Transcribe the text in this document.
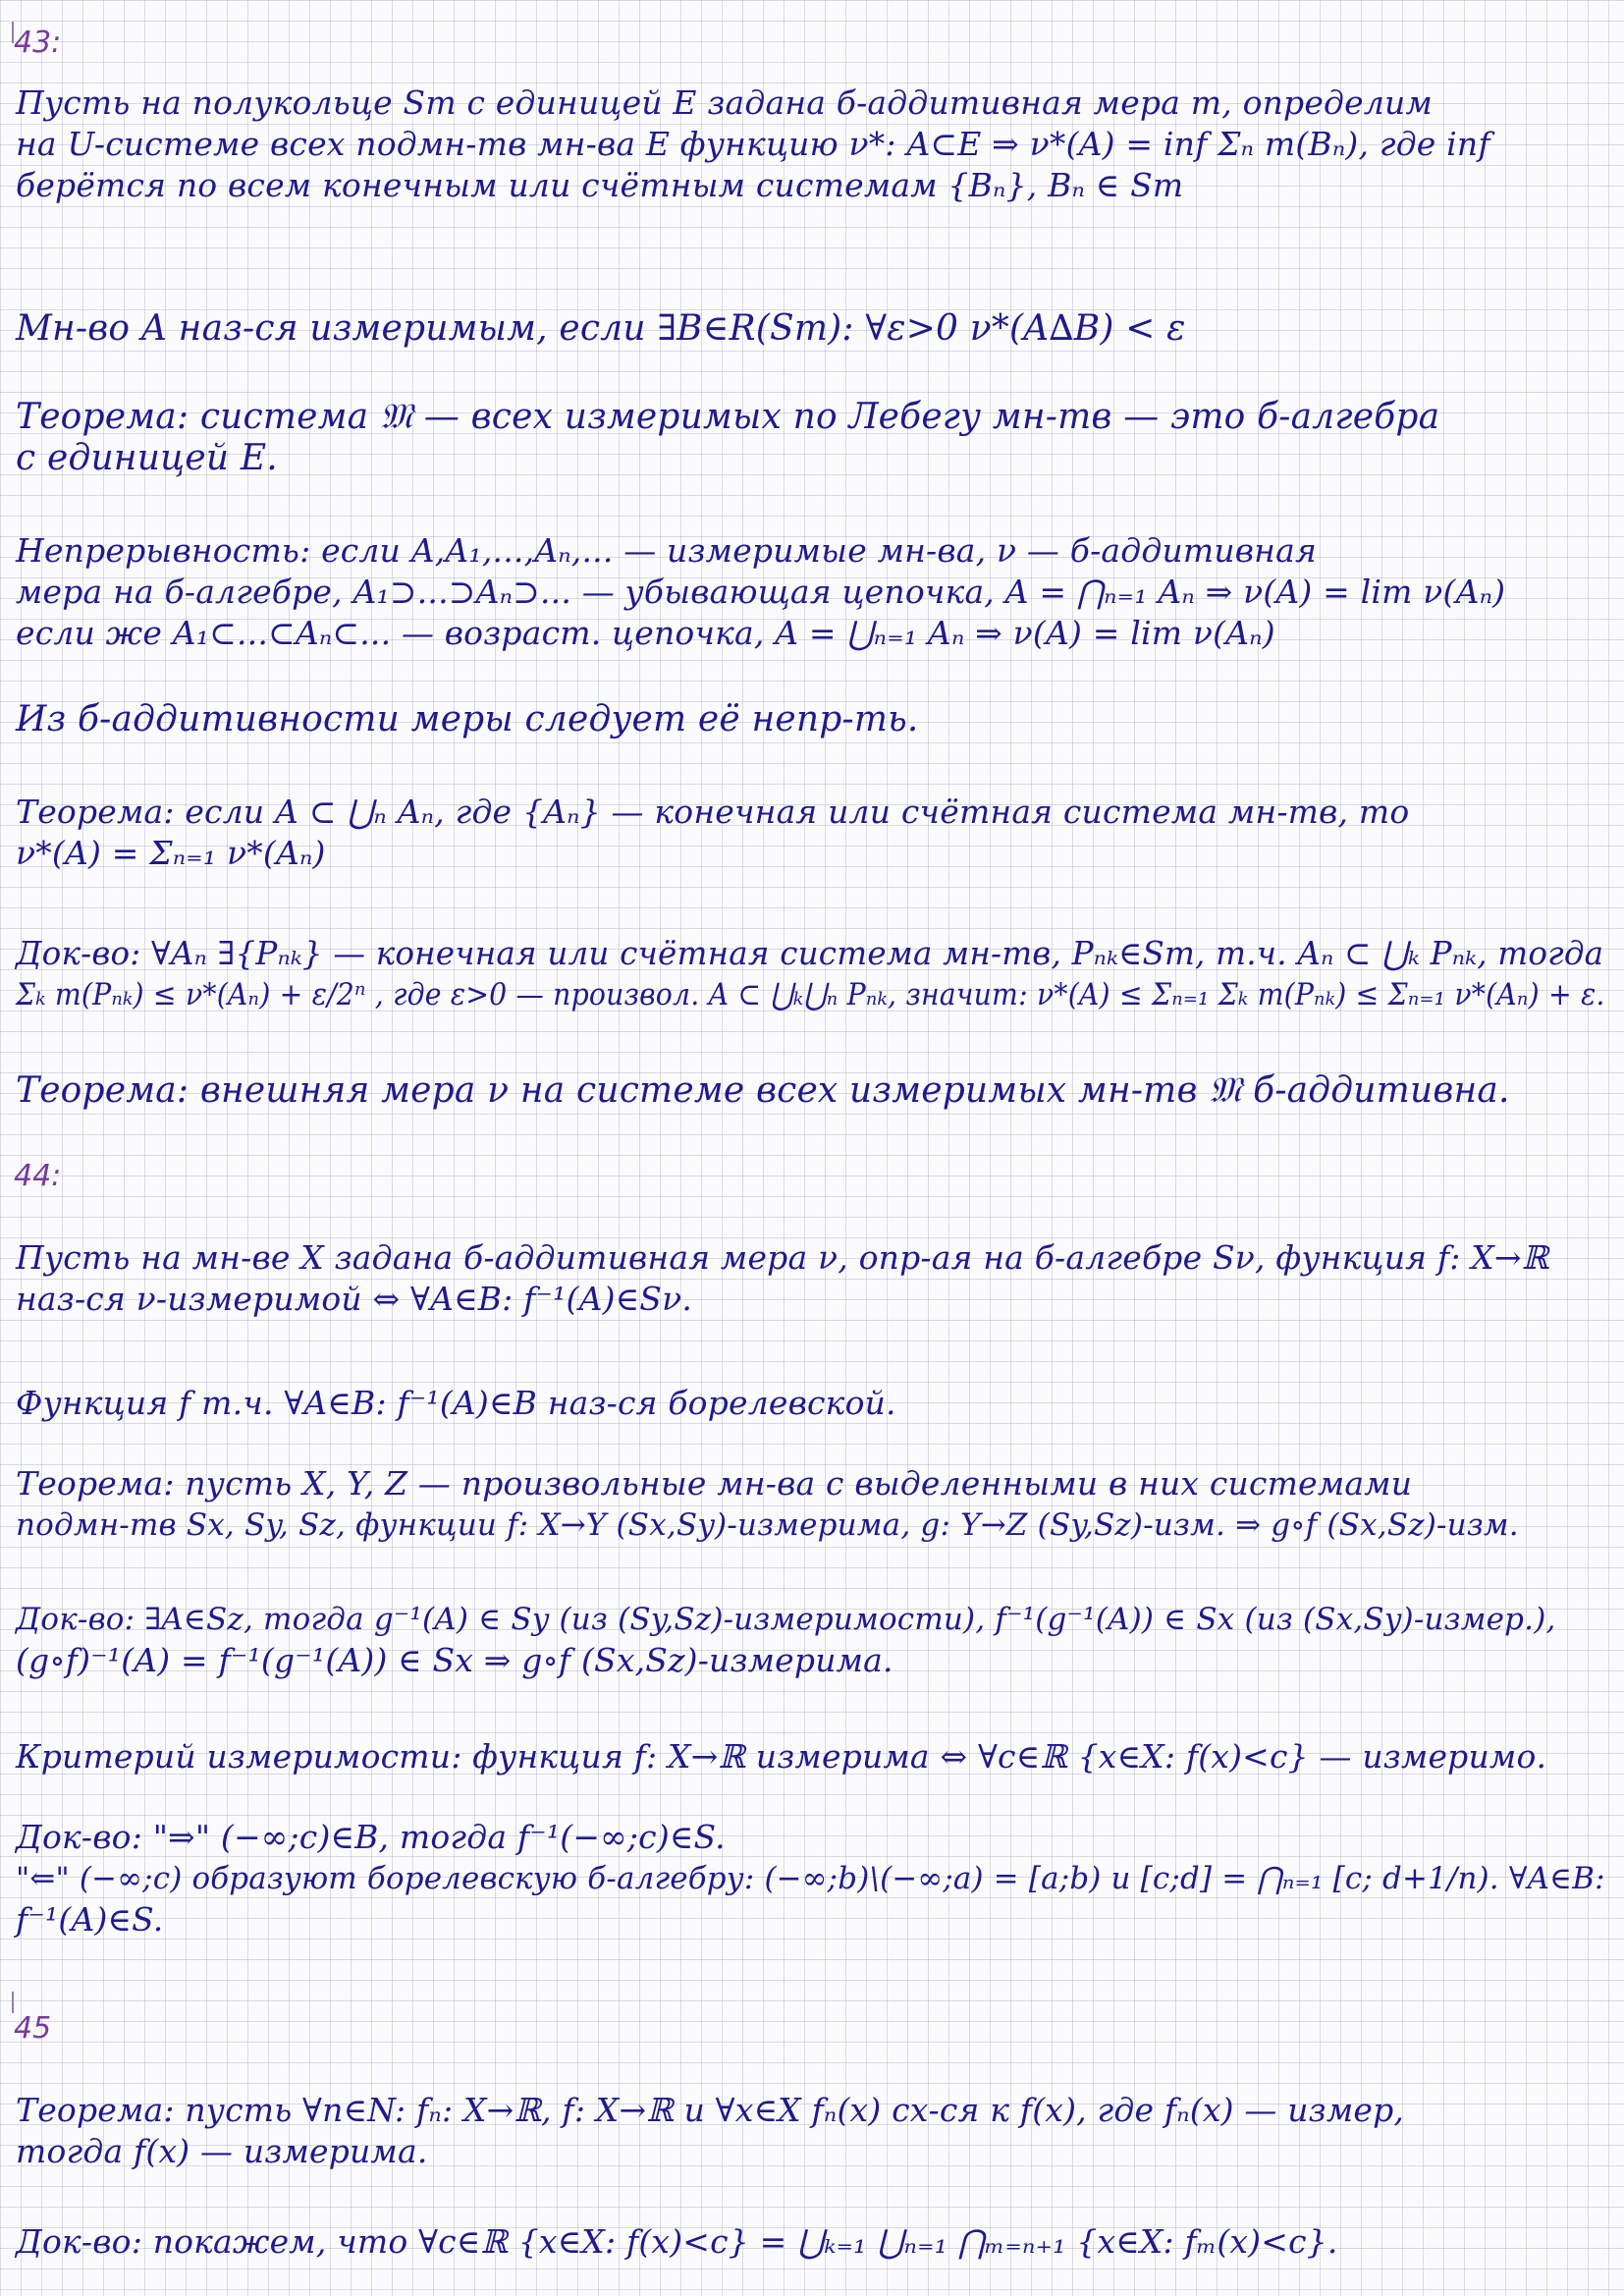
43:
Пусть на полукольце Sm с единицей E задана б-аддитивная мера m, определим
на U-системе всех подмн-тв мн-ва E функцию ν*: A⊂E ⇒ ν*(A) = inf Σₙ m(Bₙ), где inf
берётся по всем конечным или счётным системам {Bₙ}, Bₙ ∈ Sm
Мн-во A наз-ся измеримым, если ∃B∈R(Sm): ∀ε>0 ν*(A∆B) < ε
Теорема: система 𝔐 — всех измеримых по Лебегу мн-тв — это б-алгебра
с единицей E.
Непрерывность: если A,A₁,...,Aₙ,... — измеримые мн-ва, ν — б-аддитивная
мера на б-алгебре, A₁⊃...⊃Aₙ⊃... — убывающая цепочка, A = ⋂ₙ₌₁ Aₙ ⇒ ν(A) = lim ν(Aₙ)
если же A₁⊂...⊂Aₙ⊂... — возраст. цепочка, A = ⋃ₙ₌₁ Aₙ ⇒ ν(A) = lim ν(Aₙ)
Из б-аддитивности меры следует её непр-ть.
Теорема: если A ⊂ ⋃ₙ Aₙ, где {Aₙ} — конечная или счётная система мн-тв, то
ν*(A) = Σₙ₌₁ ν*(Aₙ)
Док-во: ∀Aₙ ∃{Pₙₖ} — конечная или счётная система мн-тв, Pₙₖ∈Sm, т.ч. Aₙ ⊂ ⋃ₖ Pₙₖ, тогда
Σₖ m(Pₙₖ) ≤ ν*(Aₙ) + ε/2ⁿ , где ε>0 — произвол. A ⊂ ⋃ₖ⋃ₙ Pₙₖ, значит: ν*(A) ≤ Σₙ₌₁ Σₖ m(Pₙₖ) ≤ Σₙ₌₁ ν*(Aₙ) + ε.
Теорема: внешняя мера ν на системе всех измеримых мн-тв 𝔐 б-аддитивна.
44:
Пусть на мн-ве X задана б-аддитивная мера ν, опр-ая на б-алгебре Sν, функция f: X→ℝ
наз-ся ν-измеримой ⇔ ∀A∈B: f⁻¹(A)∈Sν.
Функция f т.ч. ∀A∈B: f⁻¹(A)∈B наз-ся борелевской.
Теорема: пусть X, Y, Z — произвольные мн-ва с выделенными в них системами
подмн-тв Sx, Sy, Sz, функции f: X→Y (Sx,Sy)-измерима, g: Y→Z (Sy,Sz)-изм. ⇒ g∘f (Sx,Sz)-изм.
Док-во: ∃A∈Sz, тогда g⁻¹(A) ∈ Sy (из (Sy,Sz)-измеримости), f⁻¹(g⁻¹(A)) ∈ Sx (из (Sx,Sy)-измер.),
(g∘f)⁻¹(A) = f⁻¹(g⁻¹(A)) ∈ Sx ⇒ g∘f (Sx,Sz)-измерима.
Критерий измеримости: функция f: X→ℝ измерима ⇔ ∀c∈ℝ {x∈X: f(x)<c} — измеримо.
Док-во: "⇒" (−∞;c)∈B, тогда f⁻¹(−∞;c)∈S.
"⇐" (−∞;c) образуют борелевскую б-алгебру: (−∞;b)\(−∞;a) = [a;b) и [c;d] = ⋂ₙ₌₁ [c; d+1/n). ∀A∈B:
f⁻¹(A)∈S.
45
Теорема: пусть ∀n∈N: fₙ: X→ℝ, f: X→ℝ и ∀x∈X fₙ(x) сх-ся к f(x), где fₙ(x) — измер,
тогда f(x) — измерима.
Док-во: покажем, что ∀c∈ℝ {x∈X: f(x)<c} = ⋃ₖ₌₁ ⋃ₙ₌₁ ⋂ₘ₌ₙ₊₁ {x∈X: fₘ(x)<c}.
